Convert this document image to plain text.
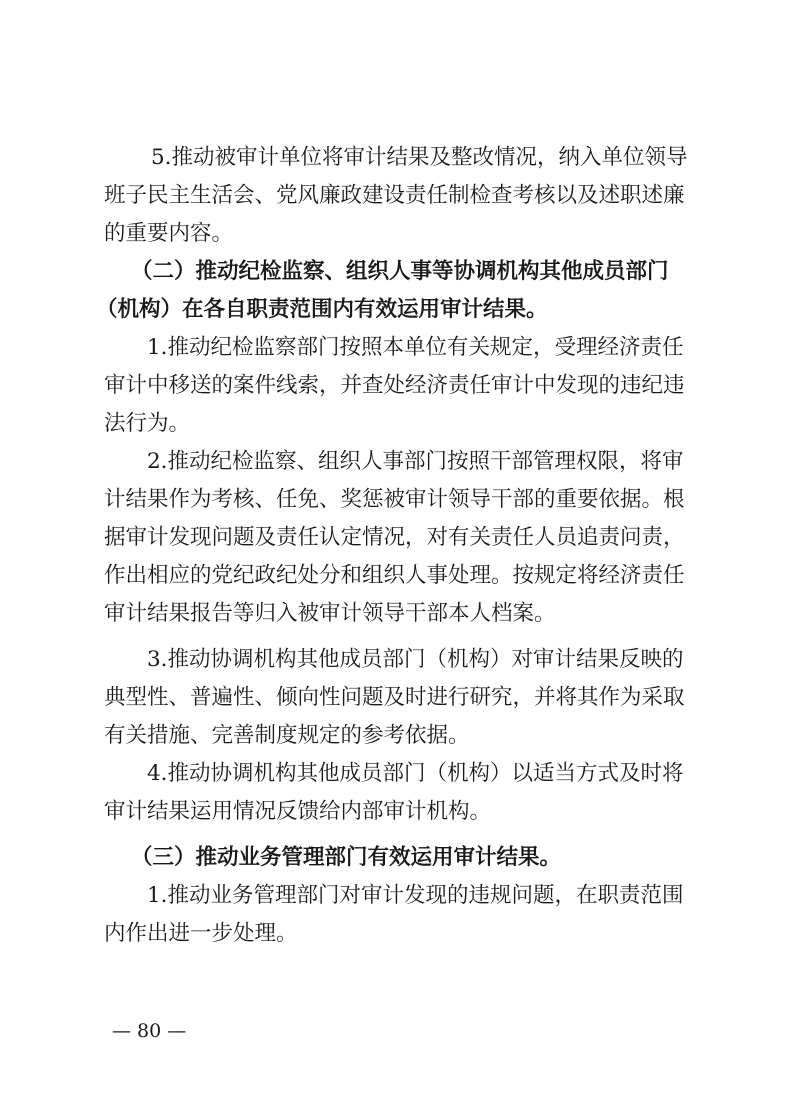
5.推动被审计单位将审计结果及整改情况，纳入单位领导
班子民主生活会、党风廉政建设责任制检查考核以及述职述廉
的重要内容。
（二）推动纪检监察、组织人事等协调机构其他成员部门
（机构）在各自职责范围内有效运用审计结果。
1.推动纪检监察部门按照本单位有关规定，受理经济责任
审计中移送的案件线索，并查处经济责任审计中发现的违纪违
法行为。
2.推动纪检监察、组织人事部门按照干部管理权限，将审
计结果作为考核、任免、奖惩被审计领导干部的重要依据。根
据审计发现问题及责任认定情况，对有关责任人员追责问责，
作出相应的党纪政纪处分和组织人事处理。按规定将经济责任
审计结果报告等归入被审计领导干部本人档案。
3.推动协调机构其他成员部门（机构）对审计结果反映的
典型性、普遍性、倾向性问题及时进行研究，并将其作为采取
有关措施、完善制度规定的参考依据。
4.推动协调机构其他成员部门（机构）以适当方式及时将
审计结果运用情况反馈给内部审计机构。
（三）推动业务管理部门有效运用审计结果。
1.推动业务管理部门对审计发现的违规问题，在职责范围
内作出进一步处理。
— 80 —
